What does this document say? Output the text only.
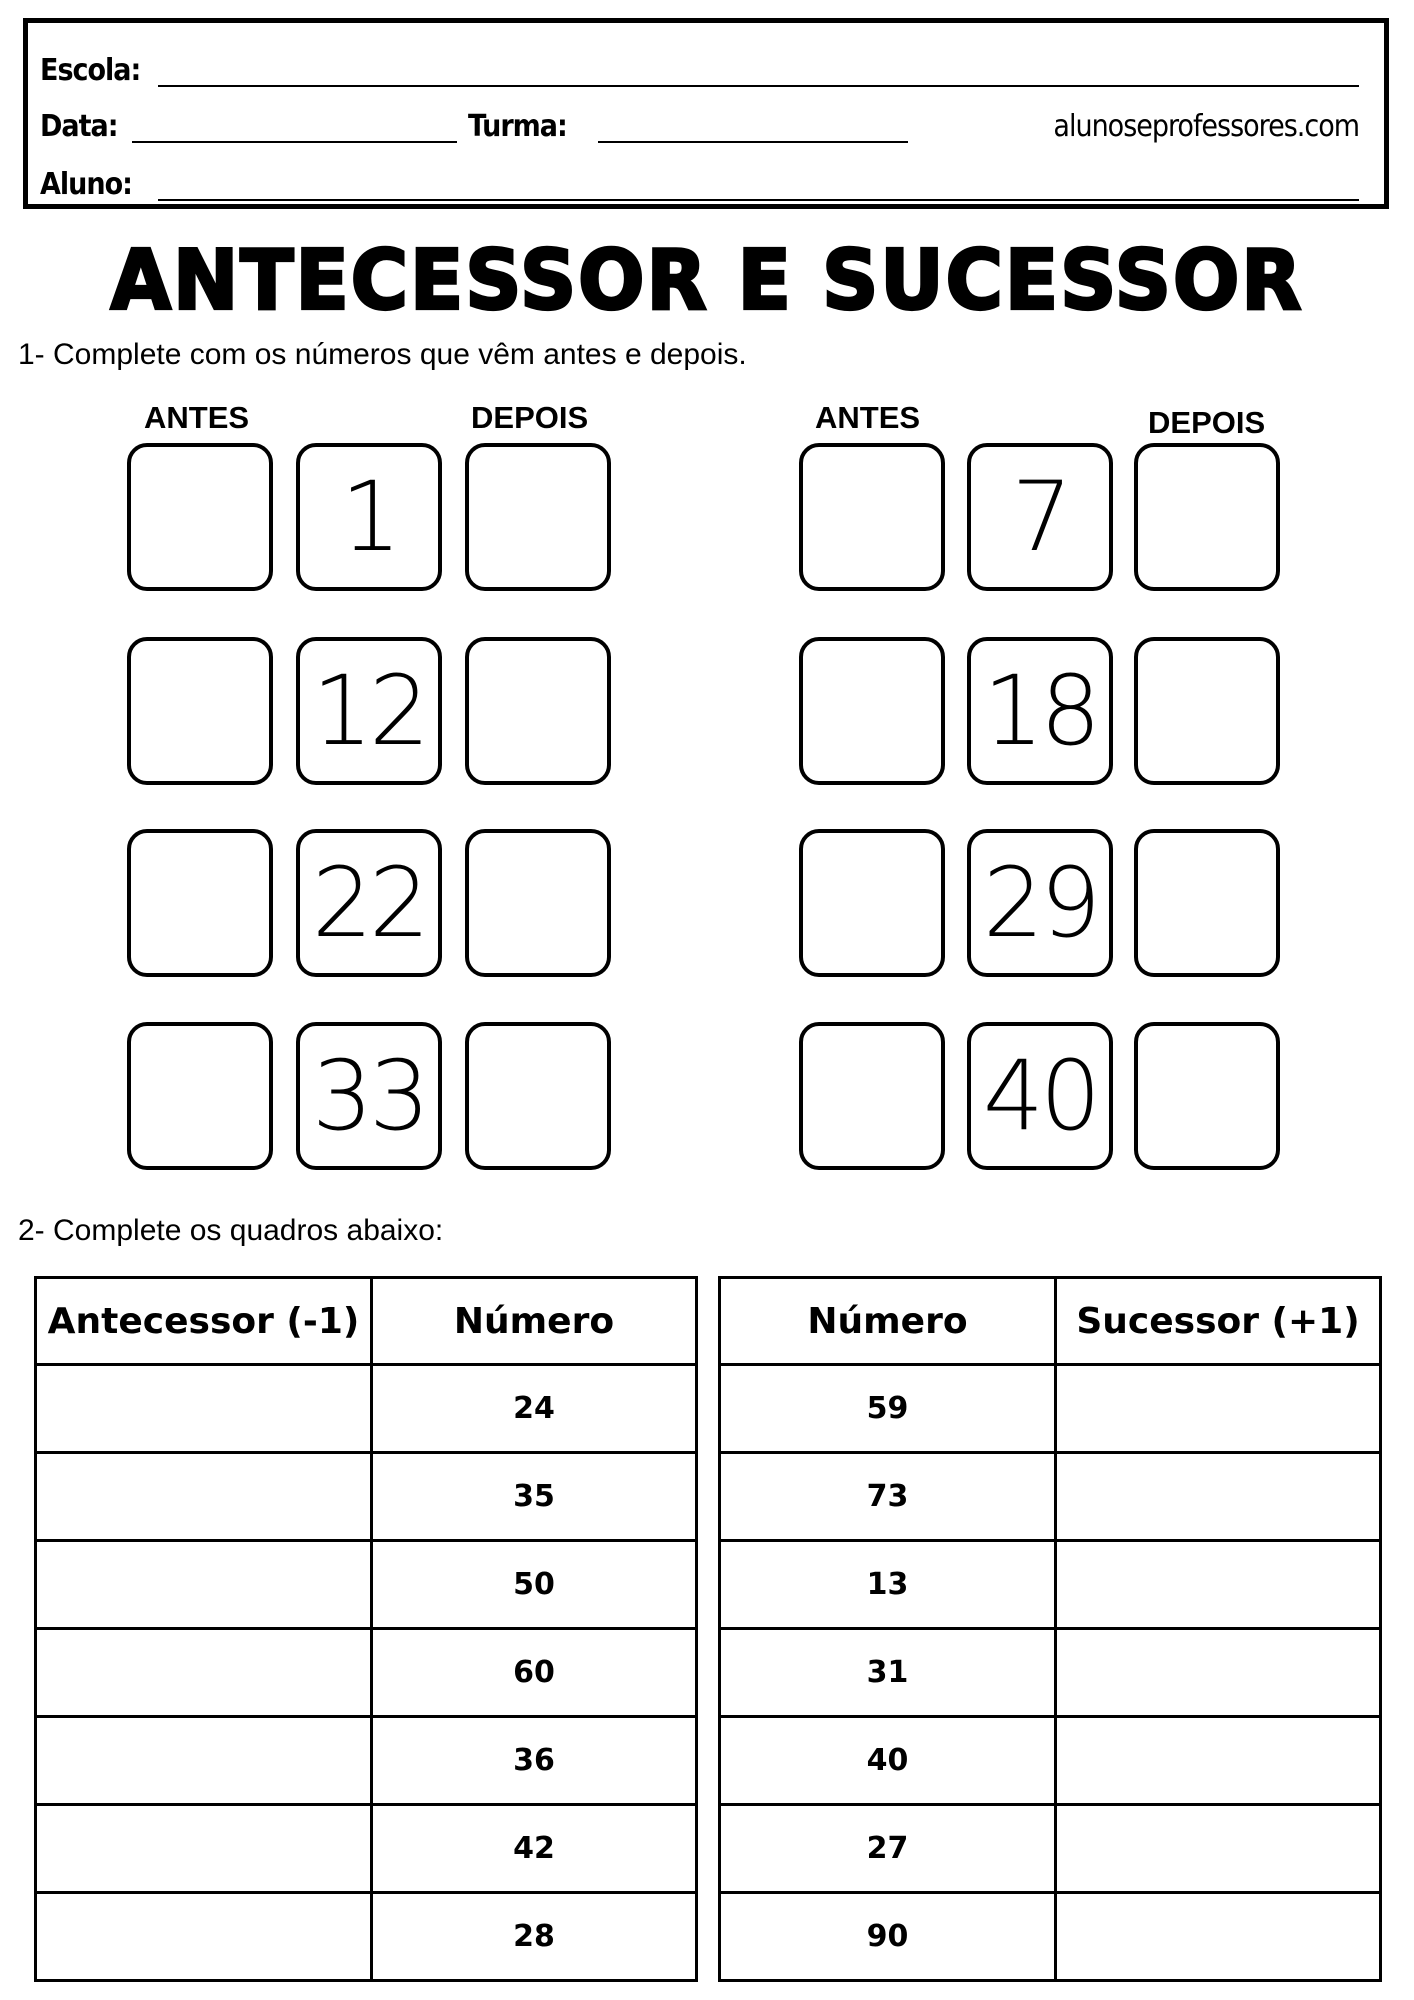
Escola:
Data:	Turma:	alunoseprofessores.com
Aluno:
ANTECESSOR E SUCESSOR
1- Complete com os números que vêm antes e depois.
ANTES	DEPOIS	ANTES	DEPOIS
1
12
22
33
7
18
29
40
2- Complete os quadros abaixo:
Antecessor (-1)	Número
	24
	35
	50
	60
	36
	42
	28
Número	Sucessor (+1)
59	
73	
13	
31	
40	
27	
90	
